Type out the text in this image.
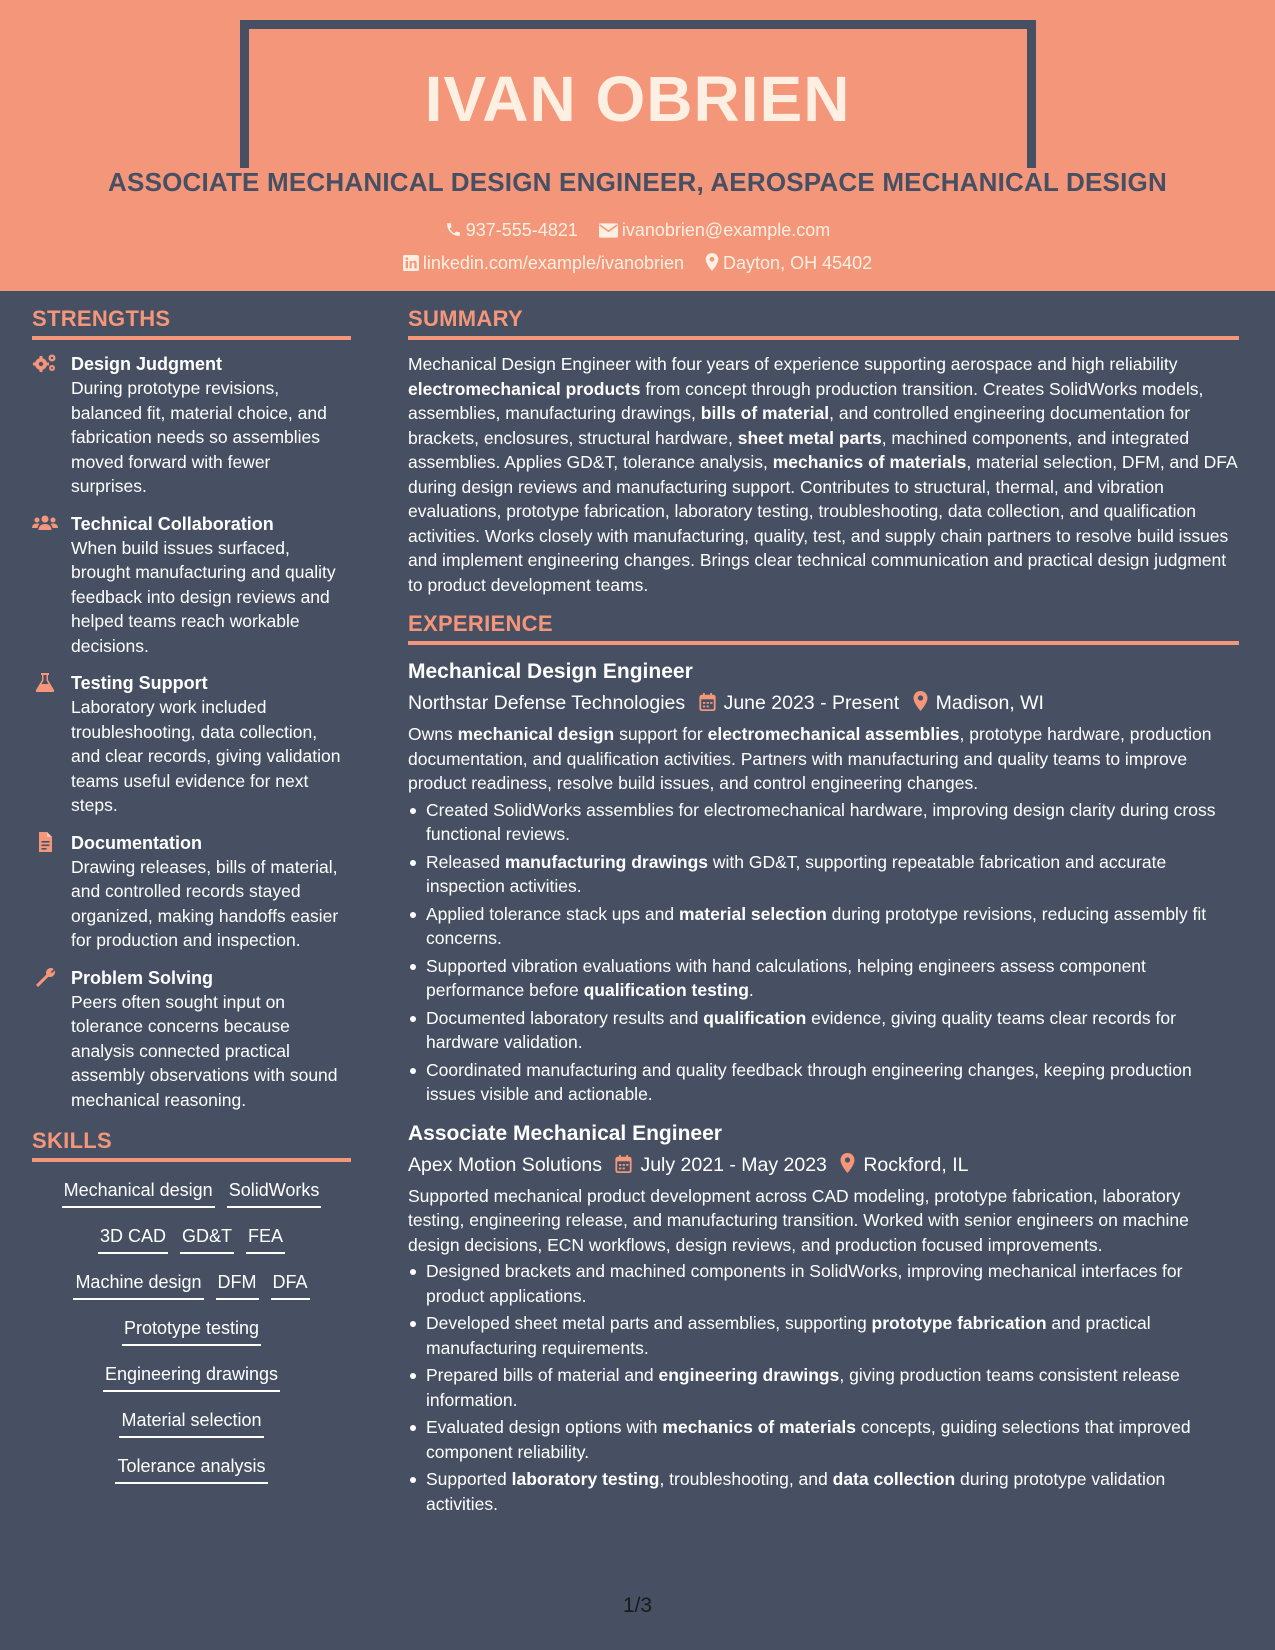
IVAN OBRIEN
ASSOCIATE MECHANICAL DESIGN ENGINEER, AEROSPACE MECHANICAL DESIGN
937-555-4821 ivanobrien@example.com
linkedin.com/example/ivanobrien Dayton, OH 45402
STRENGTHS
Design Judgment
During prototype revisions, balanced fit, material choice, and fabrication needs so assemblies moved forward with fewer surprises.
Technical Collaboration
When build issues surfaced, brought manufacturing and quality feedback into design reviews and helped teams reach workable decisions.
Testing Support
Laboratory work included troubleshooting, data collection, and clear records, giving validation teams useful evidence for next steps.
Documentation
Drawing releases, bills of material, and controlled records stayed organized, making handoffs easier for production and inspection.
Problem Solving
Peers often sought input on tolerance concerns because analysis connected practical assembly observations with sound mechanical reasoning.
SKILLS
Mechanical design SolidWorks
3D CAD GD&T FEA
Machine design DFM DFA
Prototype testing
Engineering drawings
Material selection
Tolerance analysis
SUMMARY
Mechanical Design Engineer with four years of experience supporting aerospace and high reliability electromechanical products from concept through production transition. Creates SolidWorks models, assemblies, manufacturing drawings, bills of material, and controlled engineering documentation for brackets, enclosures, structural hardware, sheet metal parts, machined components, and integrated assemblies. Applies GD&T, tolerance analysis, mechanics of materials, material selection, DFM, and DFA during design reviews and manufacturing support. Contributes to structural, thermal, and vibration evaluations, prototype fabrication, laboratory testing, troubleshooting, data collection, and qualification activities. Works closely with manufacturing, quality, test, and supply chain partners to resolve build issues and implement engineering changes. Brings clear technical communication and practical design judgment to product development teams.
EXPERIENCE
Mechanical Design Engineer
Northstar Defense Technologies June 2023 - Present Madison, WI
Owns mechanical design support for electromechanical assemblies, prototype hardware, production documentation, and qualification activities. Partners with manufacturing and quality teams to improve product readiness, resolve build issues, and control engineering changes.
Created SolidWorks assemblies for electromechanical hardware, improving design clarity during cross functional reviews.
Released manufacturing drawings with GD&T, supporting repeatable fabrication and accurate inspection activities.
Applied tolerance stack ups and material selection during prototype revisions, reducing assembly fit concerns.
Supported vibration evaluations with hand calculations, helping engineers assess component performance before qualification testing.
Documented laboratory results and qualification evidence, giving quality teams clear records for hardware validation.
Coordinated manufacturing and quality feedback through engineering changes, keeping production issues visible and actionable.
Associate Mechanical Engineer
Apex Motion Solutions July 2021 - May 2023 Rockford, IL
Supported mechanical product development across CAD modeling, prototype fabrication, laboratory testing, engineering release, and manufacturing transition. Worked with senior engineers on machine design decisions, ECN workflows, design reviews, and production focused improvements.
Designed brackets and machined components in SolidWorks, improving mechanical interfaces for product applications.
Developed sheet metal parts and assemblies, supporting prototype fabrication and practical manufacturing requirements.
Prepared bills of material and engineering drawings, giving production teams consistent release information.
Evaluated design options with mechanics of materials concepts, guiding selections that improved component reliability.
Supported laboratory testing, troubleshooting, and data collection during prototype validation activities.
1/3
